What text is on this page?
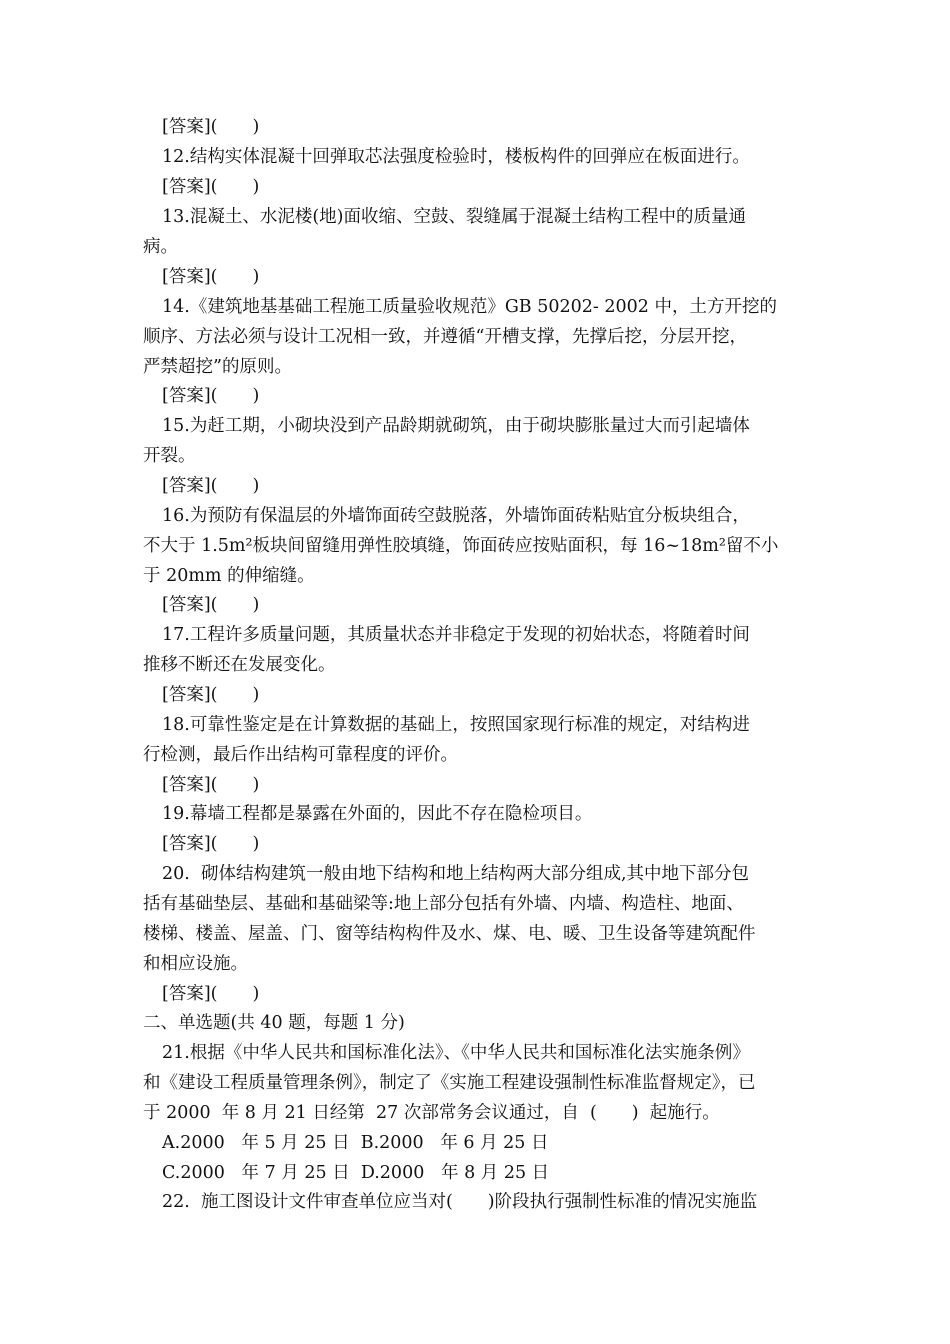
[答案](　　)
12.结构实体混凝十回弹取芯法强度检验时，楼板构件的回弹应在板面进行。
[答案](　　)
13.混凝土、水泥楼(地)面收缩、空鼓、裂缝属于混凝土结构工程中的质量通
病。
[答案](　　)
14.《建筑地基基础工程施工质量验收规范》GB 50202- 2002 中，土方开挖的
顺序、方法必须与设计工况相一致，并遵循“开槽支撑，先撑后挖，分层开挖，
严禁超挖”的原则。
[答案](　　)
15.为赶工期，小砌块没到产品龄期就砌筑，由于砌块膨胀量过大而引起墙体
开裂。
[答案](　　)
16.为预防有保温层的外墙饰面砖空鼓脱落，外墙饰面砖粘贴宜分板块组合，
不大于 1.5m²板块间留缝用弹性胶填缝，饰面砖应按贴面积，每 16~18m²留不小
于 20mm 的伸缩缝。
[答案](　　)
17.工程许多质量问题，其质量状态并非稳定于发现的初始状态，将随着时间
推移不断还在发展变化。
[答案](　　)
18.可靠性鉴定是在计算数据的基础上，按照国家现行标准的规定，对结构进
行检测，最后作出结构可靠程度的评价。
[答案](　　)
19.幕墙工程都是暴露在外面的，因此不存在隐检项目。
[答案](　　)
20.  砌体结构建筑一般由地下结构和地上结构两大部分组成,其中地下部分包
括有基础垫层、基础和基础梁等:地上部分包括有外墙、内墙、构造柱、地面、
楼梯、楼盖、屋盖、门、窗等结构构件及水、煤、电、暖、卫生设备等建筑配件
和相应设施。
[答案](　　)
二、单选题(共 40 题，每题 1 分)
21.根据《中华人民共和国标准化法》、《中华人民共和国标准化法实施条例》
和《建设工程质量管理条例》，制定了《实施工程建设强制性标准监督规定》，已
于 2000  年 8 月 21 日经第  27 次部常务会议通过，自  (　　)  起施行。
A.2000   年 5 月 25 日  B.2000   年 6 月 25 日
C.2000   年 7 月 25 日  D.2000   年 8 月 25 日
22.  施工图设计文件审查单位应当对(　　)阶段执行强制性标准的情况实施监
